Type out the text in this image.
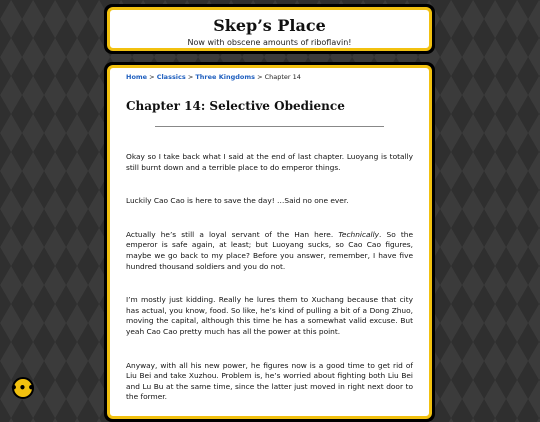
Skep’s Place
Now with obscene amounts of riboflavin!
Home > Classics > Three Kingdoms > Chapter 14
Chapter 14: Selective Obedience

Okay so I take back what I said at the end of last chapter. Luoyang is totally still burnt down and a terrible place to do emperor things.

Luckily Cao Cao is here to save the day! …Said no one ever.

Actually he’s still a loyal servant of the Han here. Technically. So the emperor is safe again, at least; but Luoyang sucks, so Cao Cao figures, maybe we go back to my place? Before you answer, remember, I have five hundred thousand soldiers and you do not.

I’m mostly just kidding. Really he lures them to Xuchang because that city has actual, you know, food. So like, he’s kind of pulling a bit of a Dong Zhuo, moving the capital, although this time he has a somewhat valid excuse. But yeah Cao Cao pretty much has all the power at this point.

Anyway, with all his new power, he figures now is a good time to get rid of Liu Bei and take Xuzhou. Problem is, he’s worried about fighting both Liu Bei and Lu Bu at the same time, since the latter just moved in right next door to the former.

•••
